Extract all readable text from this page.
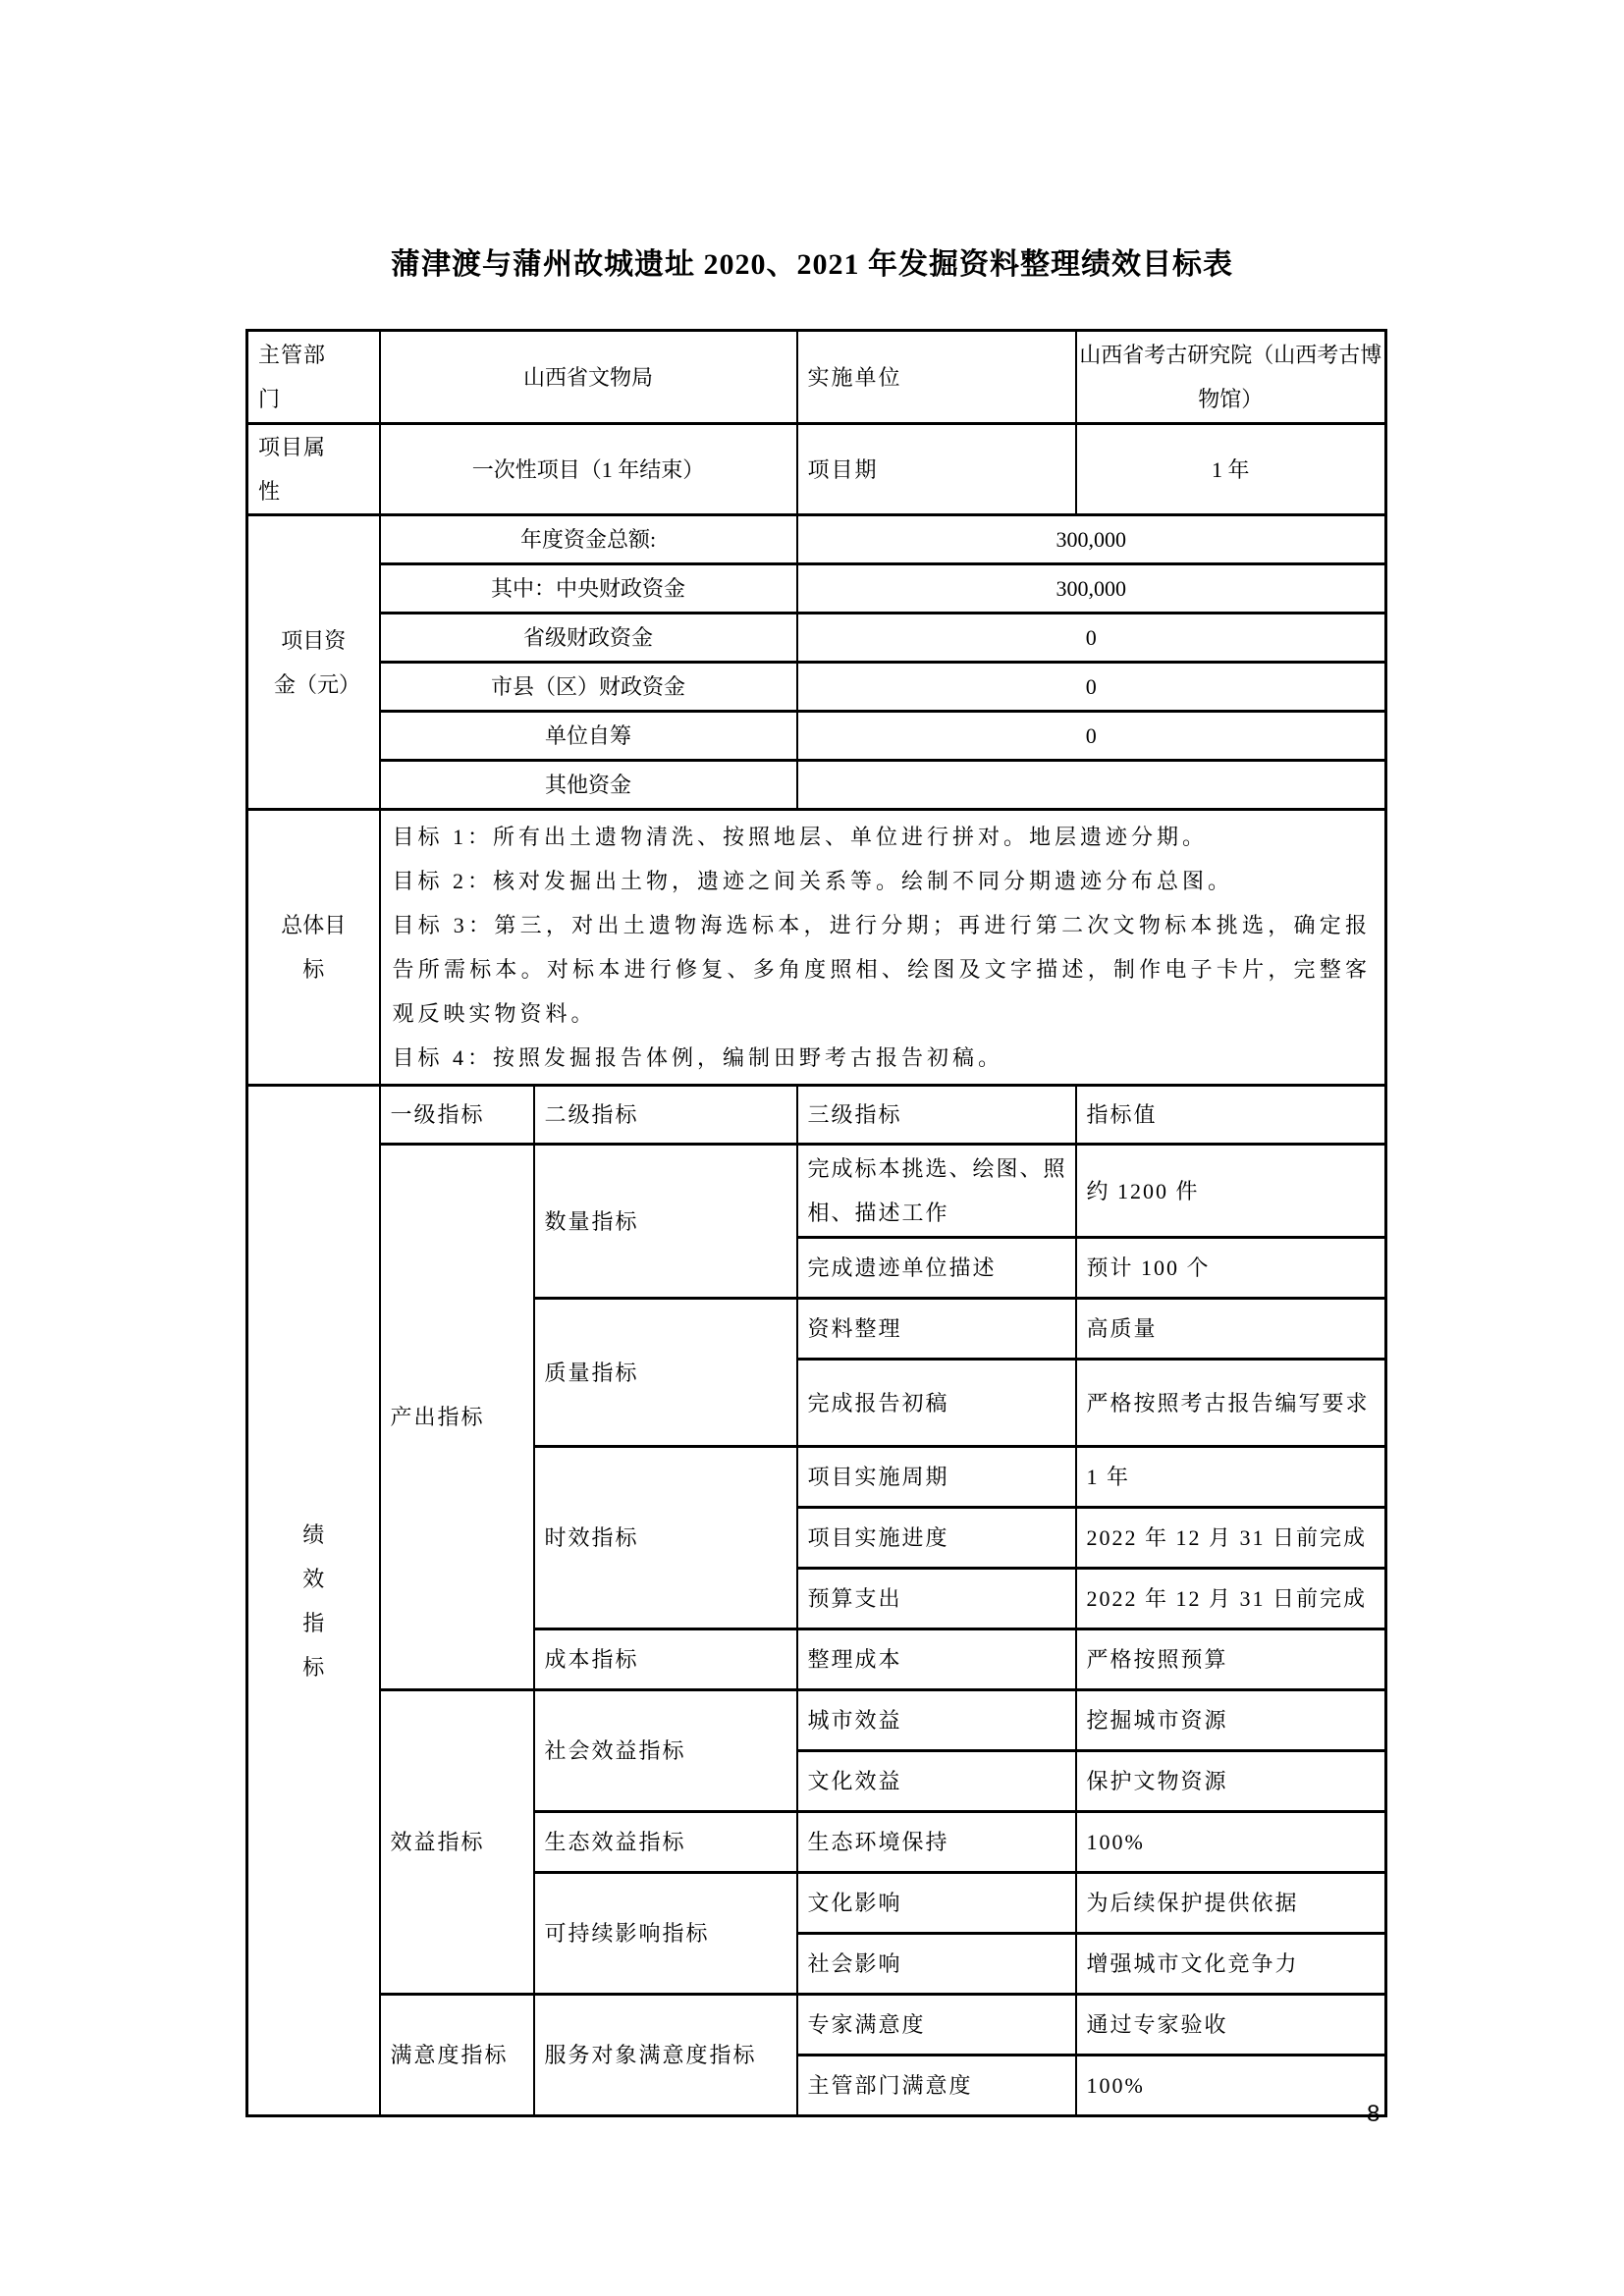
蒲津渡与蒲州故城遗址 2020、2021 年发掘资料整理绩效目标表
主管部门	山西省文物局		实施单位	山西省考古研究院（山西考古博物馆）
项目属性	一次性项目（1 年结束）		项目期	1 年
项目资金（元）	年度资金总额:		300,000	
	其中：中央财政资金		300,000	
	省级财政资金		0	
	市县（区）财政资金		0	
	单位自筹		0	
	其他资金			
总体目标	目标 1：所有出土遗物清洗、按照地层、单位进行拼对。地层遗迹分期。

目标 2：核对发掘出土物，遗迹之间关系等。绘制不同分期遗迹分布总图。

目标 3：第三，对出土遗物海选标本，进行分期；再进行第二次文物标本挑选，确定报告所需标本。对标本进行修复、多角度照相、绘图及文字描述，制作电子卡片，完整客观反映实物资料。

目标 4：按照发掘报告体例，编制田野考古报告初稿。			

绩效指标	一级指标	二级指标	三级指标	指标值
	产出指标	数量指标	完成标本挑选、绘图、照相、描述工作	约 1200 件
			完成遗迹单位描述	预计 100 个
		质量指标	资料整理	高质量
			完成报告初稿	严格按照考古报告编写要求
		时效指标	项目实施周期	1 年
			项目实施进度	2022 年 12 月 31 日前完成
			预算支出	2022 年 12 月 31 日前完成
		成本指标	整理成本	严格按照预算
	效益指标	社会效益指标	城市效益	挖掘城市资源
			文化效益	保护文物资源
		生态效益指标	生态环境保持	100%
		可持续影响指标	文化影响	为后续保护提供依据
			社会影响	增强城市文化竞争力
	满意度指标	服务对象满意度指标	专家满意度	通过专家验收
			主管部门满意度	100%
8
